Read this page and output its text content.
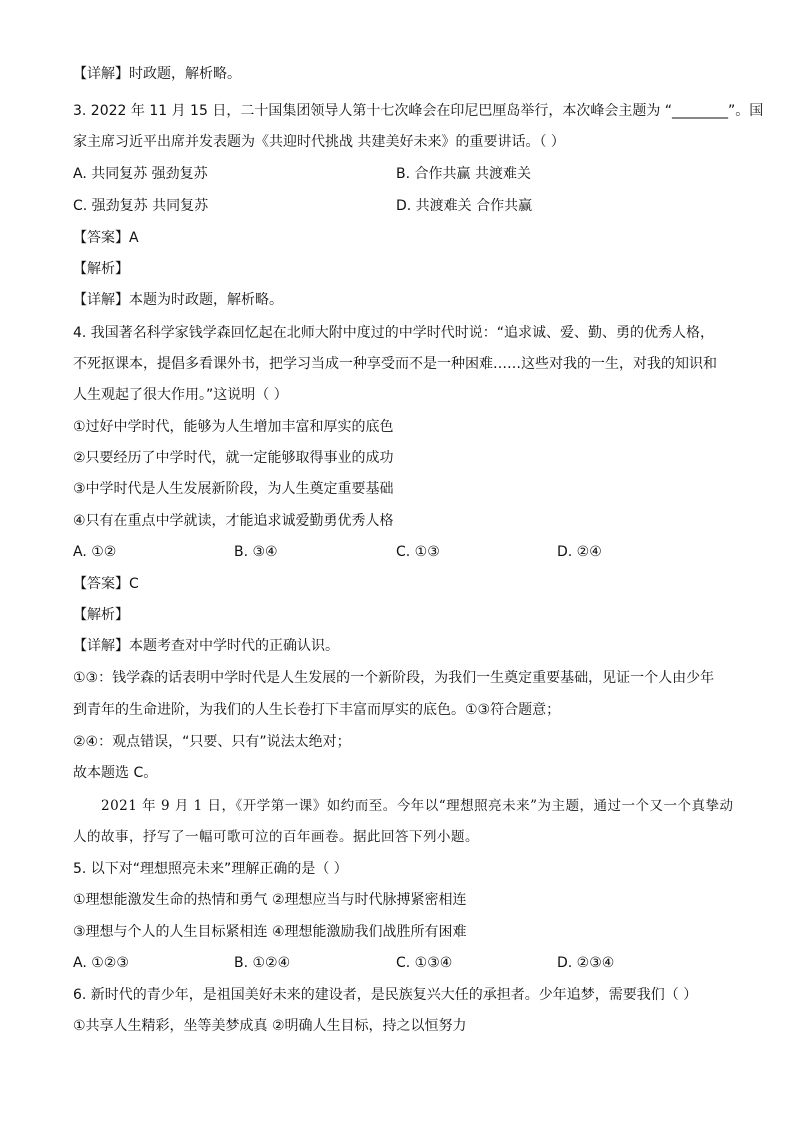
【详解】时政题，解析略。
3. 2022 年 11 月 15 日，二十国集团领导人第十七次峰会在印尼巴厘岛举行，本次峰会主题为 “________”。国
家主席习近平出席并发表题为《共迎时代挑战 共建美好未来》的重要讲话。（ ）
A. 共同复苏 强劲复苏	B. 合作共赢 共渡难关
C. 强劲复苏 共同复苏	D. 共渡难关 合作共赢
【答案】A
【解析】
【详解】本题为时政题，解析略。
4. 我国著名科学家钱学森回忆起在北师大附中度过的中学时代时说：“追求诚、爱、勤、勇的优秀人格，
不死抠课本，提倡多看课外书，把学习当成一种享受而不是一种困难……这些对我的一生，对我的知识和
人生观起了很大作用。”这说明（ ）
①过好中学时代，能够为人生增加丰富和厚实的底色
②只要经历了中学时代，就一定能够取得事业的成功
③中学时代是人生发展新阶段，为人生奠定重要基础
④只有在重点中学就读，才能追求诚爱勤勇优秀人格
A. ①②	B. ③④	C. ①③	D. ②④
【答案】C
【解析】
【详解】本题考查对中学时代的正确认识。
①③：钱学森的话表明中学时代是人生发展的一个新阶段，为我们一生奠定重要基础，见证一个人由少年
到青年的生命进阶，为我们的人生长卷打下丰富而厚实的底色。①③符合题意；
②④：观点错误，“只要、只有”说法太绝对；
故本题选 C。
2021 年 9 月 1 日，《开学第一课》如约而至。今年以“理想照亮未来”为主题，通过一个又一个真挚动
人的故事，抒写了一幅可歌可泣的百年画卷。据此回答下列小题。
5. 以下对“理想照亮未来”理解正确的是（ ）
①理想能激发生命的热情和勇气 ②理想应当与时代脉搏紧密相连
③理想与个人的人生目标紧相连 ④理想能激励我们战胜所有困难
A. ①②③	B. ①②④	C. ①③④	D. ②③④
6. 新时代的青少年，是祖国美好未来的建设者，是民族复兴大任的承担者。少年追梦，需要我们（ ）
①共享人生精彩，坐等美梦成真 ②明确人生目标，持之以恒努力
